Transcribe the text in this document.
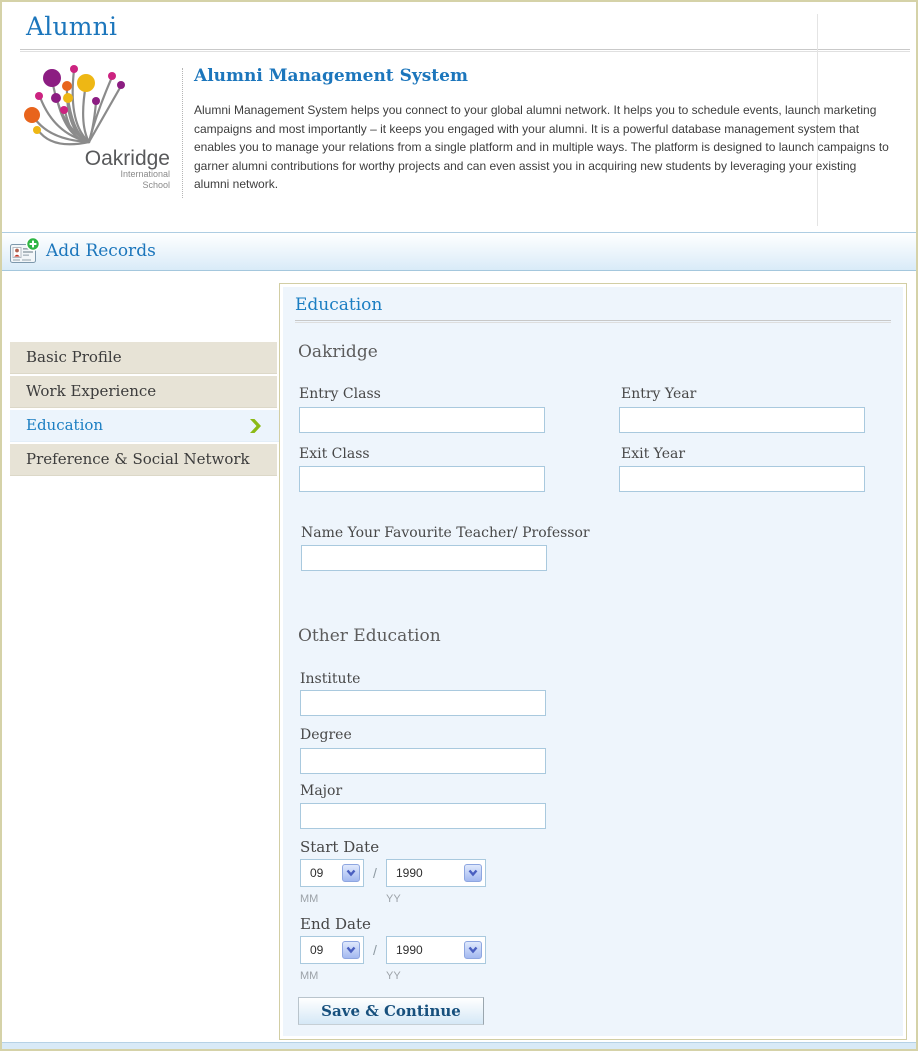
Alumni
Oakridge
International
School
Alumni Management System
Alumni Management System helps you connect to your global alumni network. It helps you to schedule events, launch marketing campaigns and most importantly – it keeps you engaged with your alumni. It is a powerful database management system that enables you to manage your relations from a single platform and in multiple ways. The platform is designed to launch campaigns to garner alumni contributions for worthy projects and can even assist you in acquiring new students by leveraging your existing alumni network.
Add Records
Basic Profile
Work Experience
Education
Preference & Social Network
Education
Oakridge
Entry Class	Entry Year
Exit Class	Exit Year
Name Your Favourite Teacher/ Professor
Other Education
Institute
Degree
Major
Start Date
09	/	1990
MM	YY
End Date
09	/	1990
MM	YY
Save & Continue
